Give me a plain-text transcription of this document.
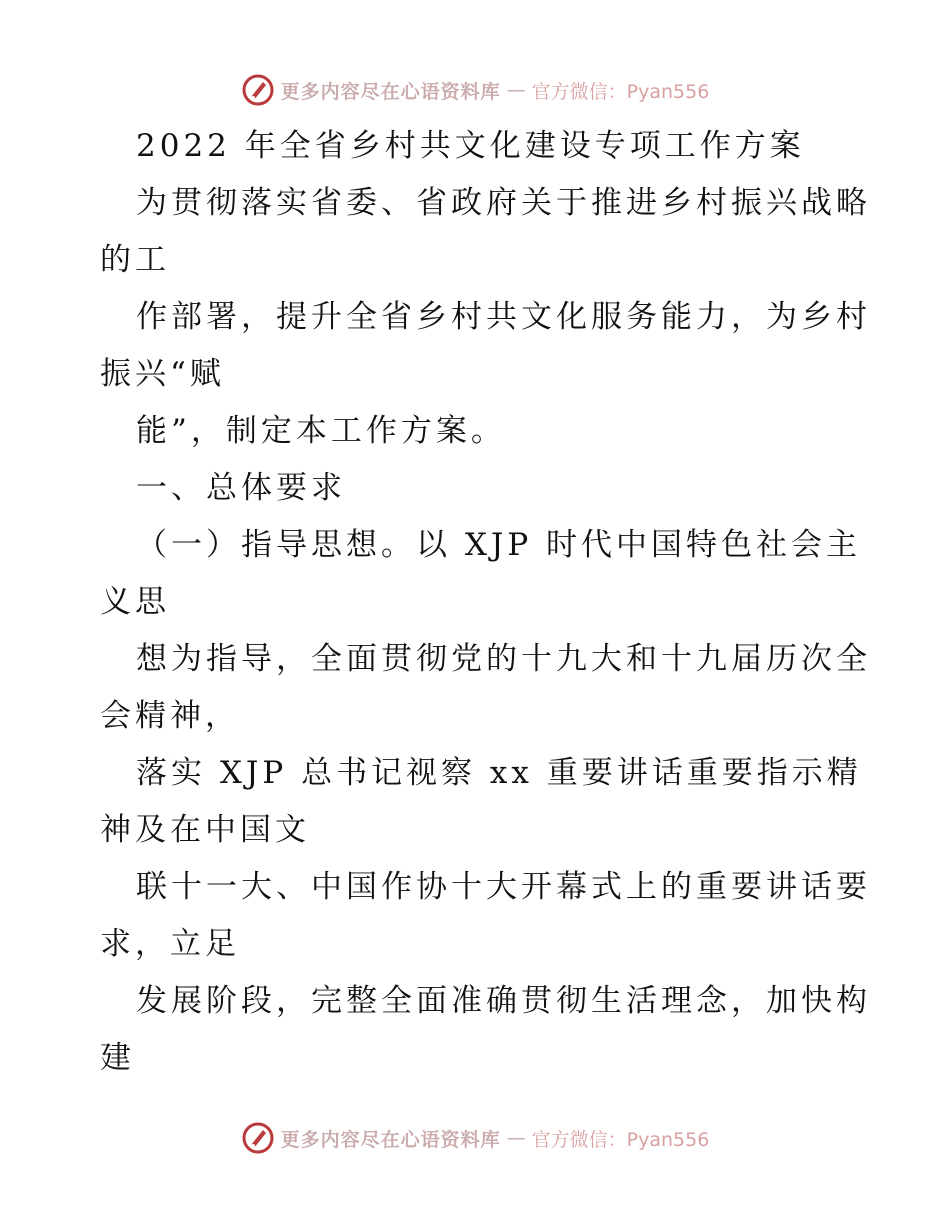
更多内容尽在心语资料库 — 官方微信：Pyan556
2022 年全省乡村共文化建设专项工作方案
为贯彻落实省委、省政府关于推进乡村振兴战略
的工
作部署，提升全省乡村共文化服务能力，为乡村
振兴“赋
能”，制定本工作方案。
一、总体要求
（一）指导思想。以 XJP 时代中国特色社会主
义思
想为指导，全面贯彻党的十九大和十九届历次全
会精神，
落实 XJP 总书记视察 xx 重要讲话重要指示精
神及在中国文
联十一大、中国作协十大开幕式上的重要讲话要
求，立足
发展阶段，完整全面准确贯彻生活理念，加快构
建
更多内容尽在心语资料库 — 官方微信：Pyan556
